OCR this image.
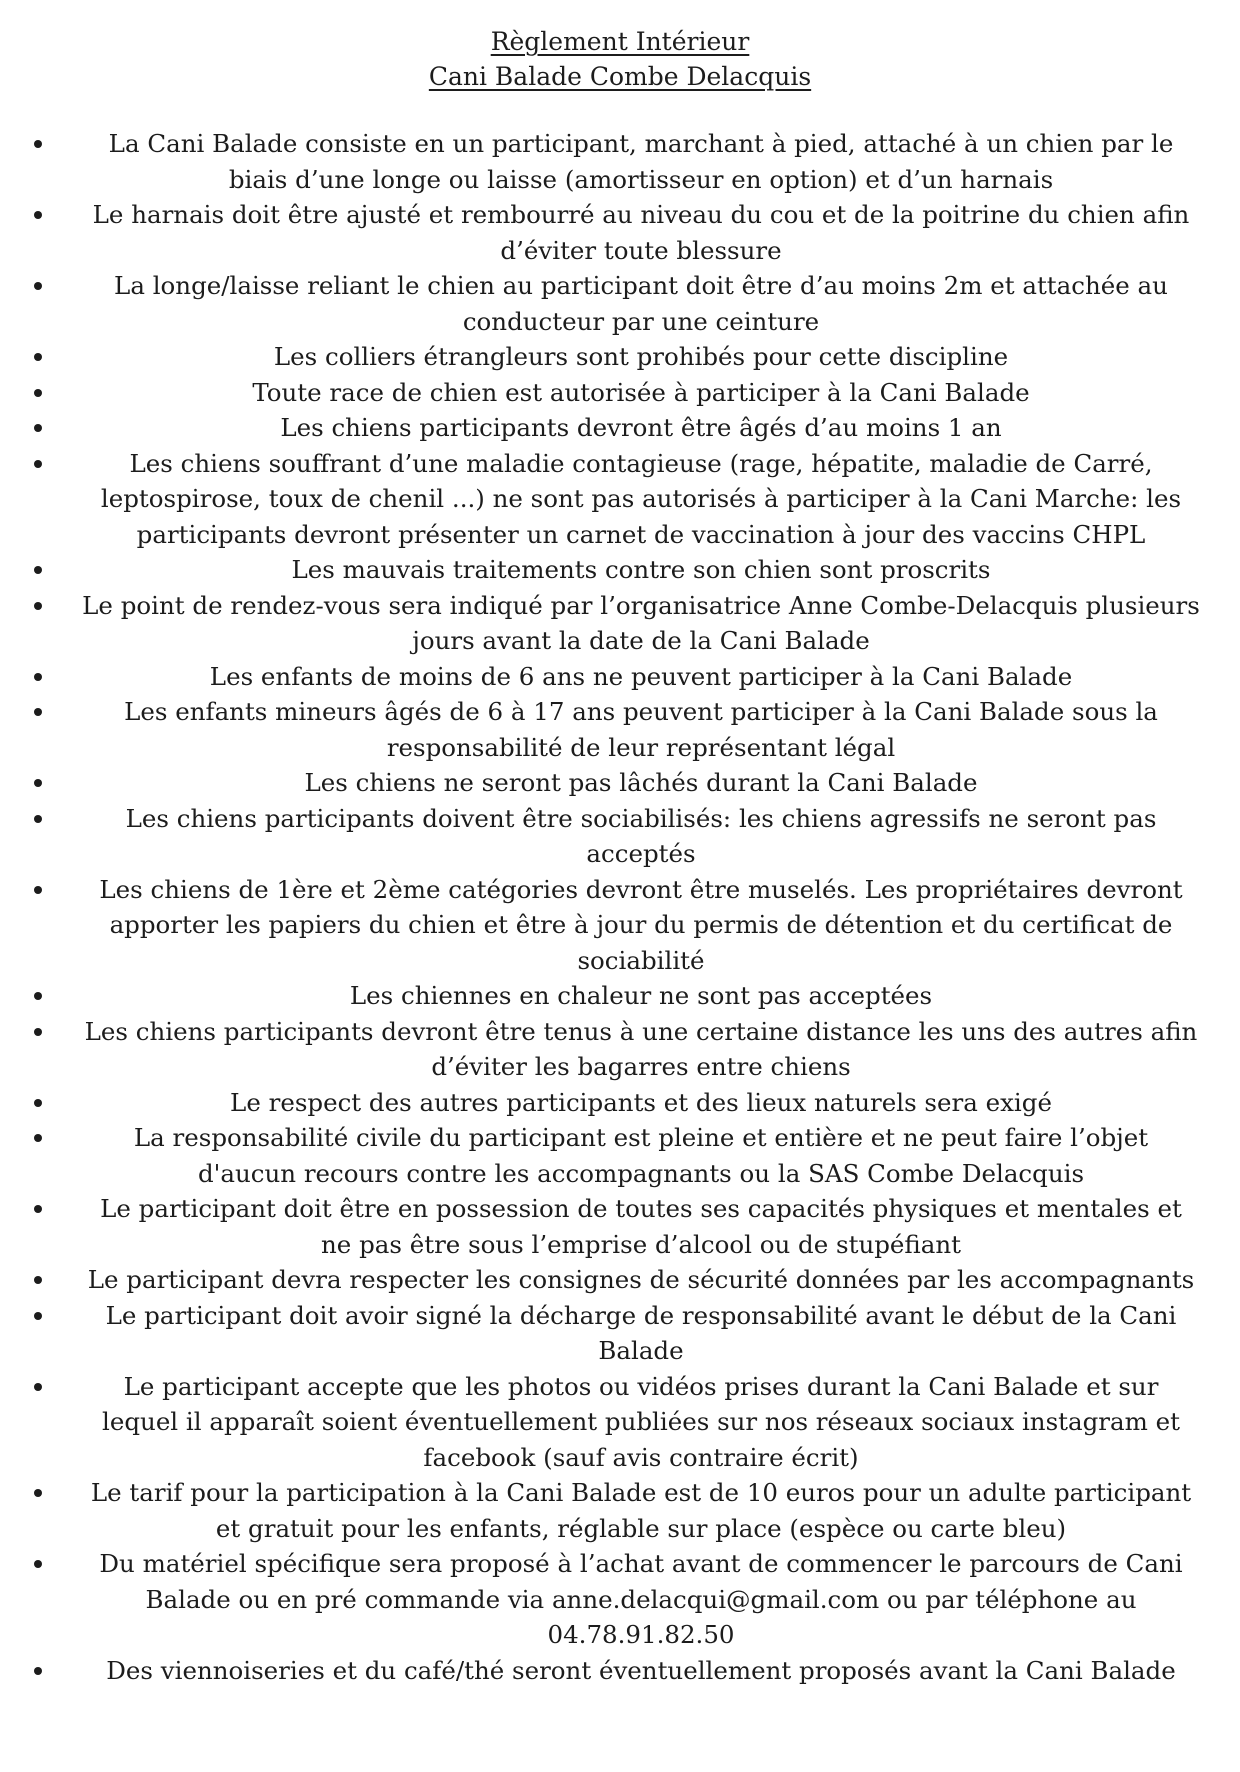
Règlement Intérieur
Cani Balade Combe Delacquis
La Cani Balade consiste en un participant, marchant à pied, attaché à un chien par le biais d’une longe ou laisse (amortisseur en option) et d’un harnais
Le harnais doit être ajusté et rembourré au niveau du cou et de la poitrine du chien afin d’éviter toute blessure
La longe/laisse reliant le chien au participant doit être d’au moins 2m et attachée au conducteur par une ceinture
Les colliers étrangleurs sont prohibés pour cette discipline
Toute race de chien est autorisée à participer à la Cani Balade
Les chiens participants devront être âgés d’au moins 1 an
Les chiens souffrant d’une maladie contagieuse (rage, hépatite, maladie de Carré, leptospirose, toux de chenil ...) ne sont pas autorisés à participer à la Cani Marche: les participants devront présenter un carnet de vaccination à jour des vaccins CHPL
Les mauvais traitements contre son chien sont proscrits
Le point de rendez-vous sera indiqué par l’organisatrice Anne Combe-Delacquis plusieurs jours avant la date de la Cani Balade
Les enfants de moins de 6 ans ne peuvent participer à la Cani Balade
Les enfants mineurs âgés de 6 à 17 ans peuvent participer à la Cani Balade sous la responsabilité de leur représentant légal
Les chiens ne seront pas lâchés durant la Cani Balade
Les chiens participants doivent être sociabilisés: les chiens agressifs ne seront pas acceptés
Les chiens de 1ère et 2ème catégories devront être muselés. Les propriétaires devront apporter les papiers du chien et être à jour du permis de détention et du certificat de sociabilité
Les chiennes en chaleur ne sont pas acceptées
Les chiens participants devront être tenus à une certaine distance les uns des autres afin d’éviter les bagarres entre chiens
Le respect des autres participants et des lieux naturels sera exigé
La responsabilité civile du participant est pleine et entière et ne peut faire l’objet d'aucun recours contre les accompagnants ou la SAS Combe Delacquis
Le participant doit être en possession de toutes ses capacités physiques et mentales et ne pas être sous l’emprise d’alcool ou de stupéfiant
Le participant devra respecter les consignes de sécurité données par les accompagnants
Le participant doit avoir signé la décharge de responsabilité avant le début de la Cani Balade
Le participant accepte que les photos ou vidéos prises durant la Cani Balade et sur lequel il apparaît soient éventuellement publiées sur nos réseaux sociaux instagram et facebook (sauf avis contraire écrit)
Le tarif pour la participation à la Cani Balade est de 10 euros pour un adulte participant et gratuit pour les enfants, réglable sur place (espèce ou carte bleu)
Du matériel spécifique sera proposé à l’achat avant de commencer le parcours de Cani Balade ou en pré commande via anne.delacqui@gmail.com ou par téléphone au 04.78.91.82.50
Des viennoiseries et du café/thé seront éventuellement proposés avant la Cani Balade
